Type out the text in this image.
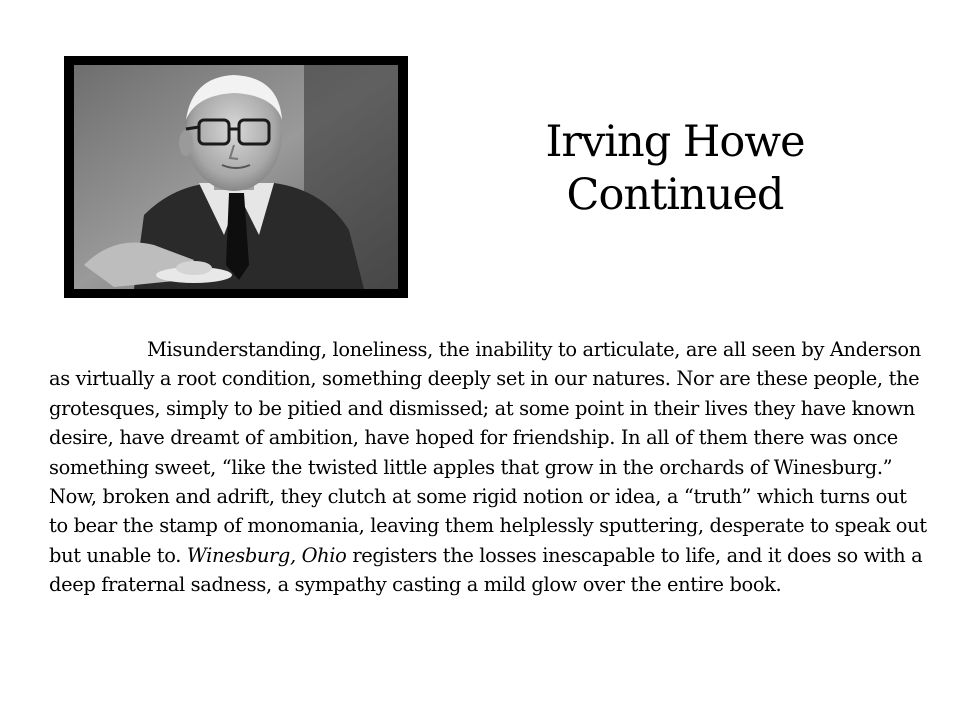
Irving Howe
Continued

Misunderstanding, loneliness, the inability to articulate, are all seen by Anderson as virtually a root condition, something deeply set in our natures. Nor are these people, the grotesques, simply to be pitied and dismissed; at some point in their lives they have known desire, have dreamt of ambition, have hoped for friendship. In all of them there was once something sweet, “like the twisted little apples that grow in the orchards of Winesburg.” Now, broken and adrift, they clutch at some rigid notion or idea, a “truth” which turns out to bear the stamp of monomania, leaving them helplessly sputtering, desperate to speak out but unable to. Winesburg, Ohio registers the losses inescapable to life, and it does so with a deep fraternal sadness, a sympathy casting a mild glow over the entire book.
